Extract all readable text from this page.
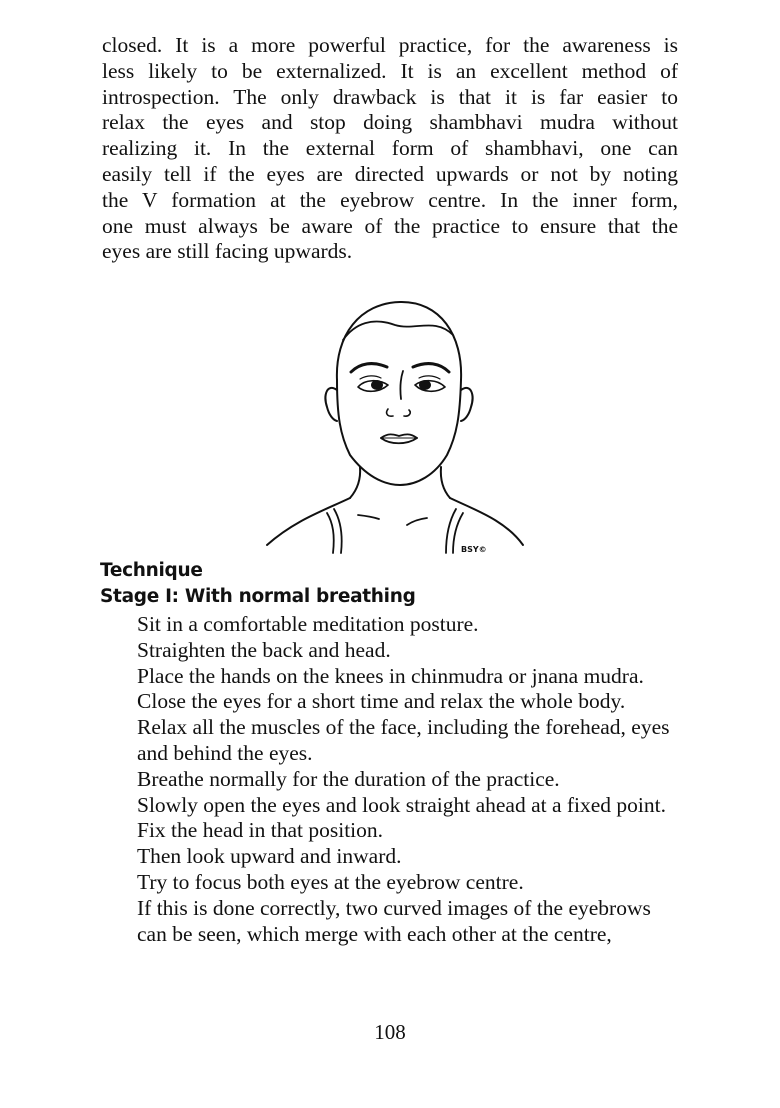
closed. It is a more powerful practice, for the awareness is
less likely to be externalized. It is an excellent method of
introspection. The only drawback is that it is far easier to
relax the eyes and stop doing shambhavi mudra without
realizing it. In the external form of shambhavi, one can
easily tell if the eyes are directed upwards or not by noting
the V formation at the eyebrow centre. In the inner form,
one must always be aware of the practice to ensure that the
eyes are still facing upwards.
BSY©
Technique
Stage I: With normal breathing
Sit in a comfortable meditation posture.
Straighten the back and head.
Place the hands on the knees in chinmudra or jnana mudra.
Close the eyes for a short time and relax the whole body.
Relax all the muscles of the face, including the forehead, eyes and behind the eyes.
Breathe normally for the duration of the practice.
Slowly open the eyes and look straight ahead at a fixed point.
Fix the head in that position.
Then look upward and inward.
Try to focus both eyes at the eyebrow centre.
If this is done correctly, two curved images of the eyebrows can be seen, which merge with each other at the centre,
108
